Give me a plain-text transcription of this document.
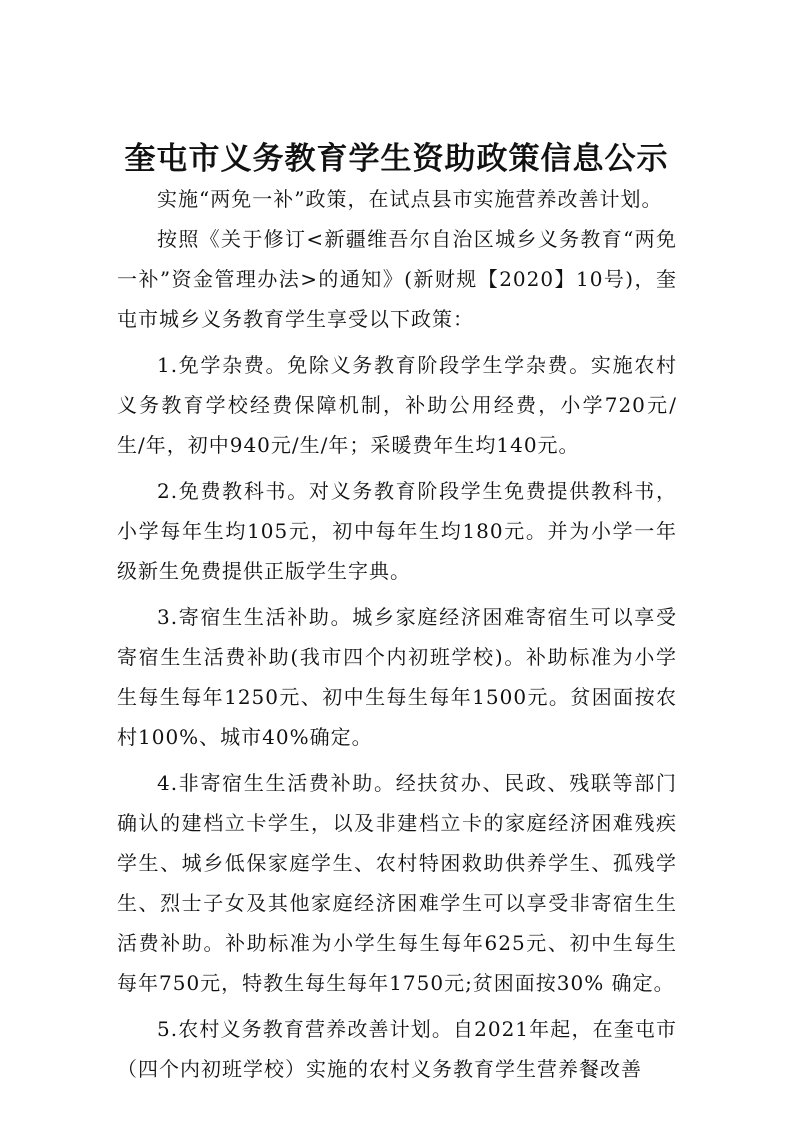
奎屯市义务教育学生资助政策信息公示

实施“两免一补”政策，在试点县市实施营养改善计划。

按照《关于修订<新疆维吾尔自治区城乡义务教育“两免一补”资金管理办法>的通知》(新财规【2020】10号)，奎屯市城乡义务教育学生享受以下政策：

1.免学杂费。免除义务教育阶段学生学杂费。实施农村义务教育学校经费保障机制，补助公用经费，小学720元/生/年，初中940元/生/年；采暖费年生均140元。

2.免费教科书。对义务教育阶段学生免费提供教科书，小学每年生均105元，初中每年生均180元。并为小学一年级新生免费提供正版学生字典。

3.寄宿生生活补助。城乡家庭经济困难寄宿生可以享受寄宿生生活费补助(我市四个内初班学校)。补助标准为小学生每生每年1250元、初中生每生每年1500元。贫困面按农村100%、城市40%确定。

4.非寄宿生生活费补助。经扶贫办、民政、残联等部门确认的建档立卡学生，以及非建档立卡的家庭经济困难残疾学生、城乡低保家庭学生、农村特困救助供养学生、孤残学生、烈士子女及其他家庭经济困难学生可以享受非寄宿生生活费补助。补助标准为小学生每生每年625元、初中生每生每年750元，特教生每生每年1750元;贫困面按30% 确定。

5.农村义务教育营养改善计划。自2021年起，在奎屯市（四个内初班学校）实施的农村义务教育学生营养餐改善
